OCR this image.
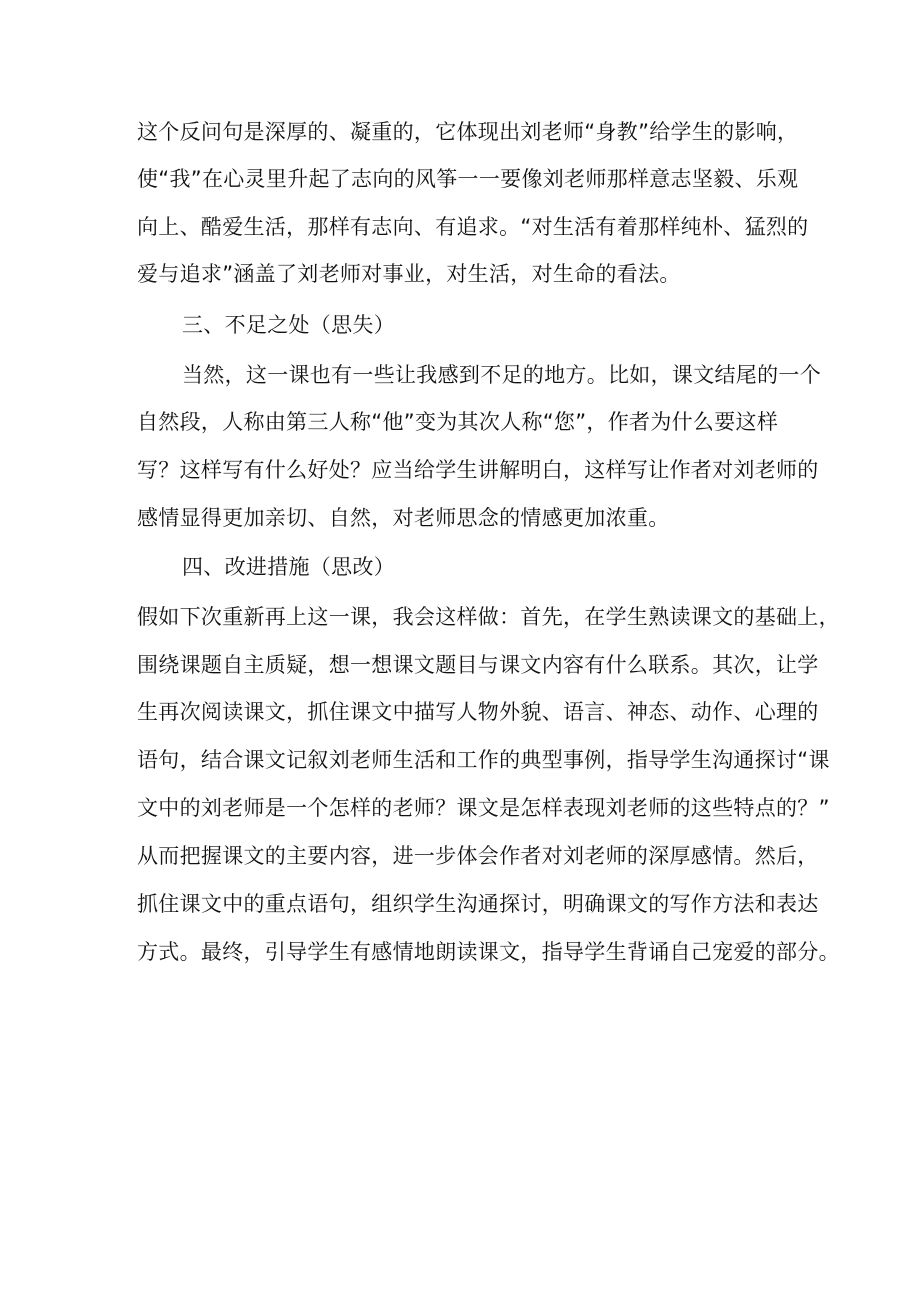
这个反问句是深厚的、凝重的，它体现出刘老师“身教”给学生的影响，
使“我”在心灵里升起了志向的风筝一一要像刘老师那样意志坚毅、乐观
向上、酷爱生活，那样有志向、有追求。“对生活有着那样纯朴、猛烈的
爱与追求”涵盖了刘老师对事业，对生活，对生命的看法。
三、不足之处（思失）
当然，这一课也有一些让我感到不足的地方。比如，课文结尾的一个
自然段，人称由第三人称“他”变为其次人称“您”，作者为什么要这样
写？这样写有什么好处？应当给学生讲解明白，这样写让作者对刘老师的
感情显得更加亲切、自然，对老师思念的情感更加浓重。
四、改进措施（思改）
假如下次重新再上这一课，我会这样做：首先，在学生熟读课文的基础上，
围绕课题自主质疑，想一想课文题目与课文内容有什么联系。其次，让学
生再次阅读课文，抓住课文中描写人物外貌、语言、神态、动作、心理的
语句，结合课文记叙刘老师生活和工作的典型事例，指导学生沟通探讨“课
文中的刘老师是一个怎样的老师？课文是怎样表现刘老师的这些特点的？”
从而把握课文的主要内容，进一步体会作者对刘老师的深厚感情。然后，
抓住课文中的重点语句，组织学生沟通探讨，明确课文的写作方法和表达
方式。最终，引导学生有感情地朗读课文，指导学生背诵自己宠爱的部分。
